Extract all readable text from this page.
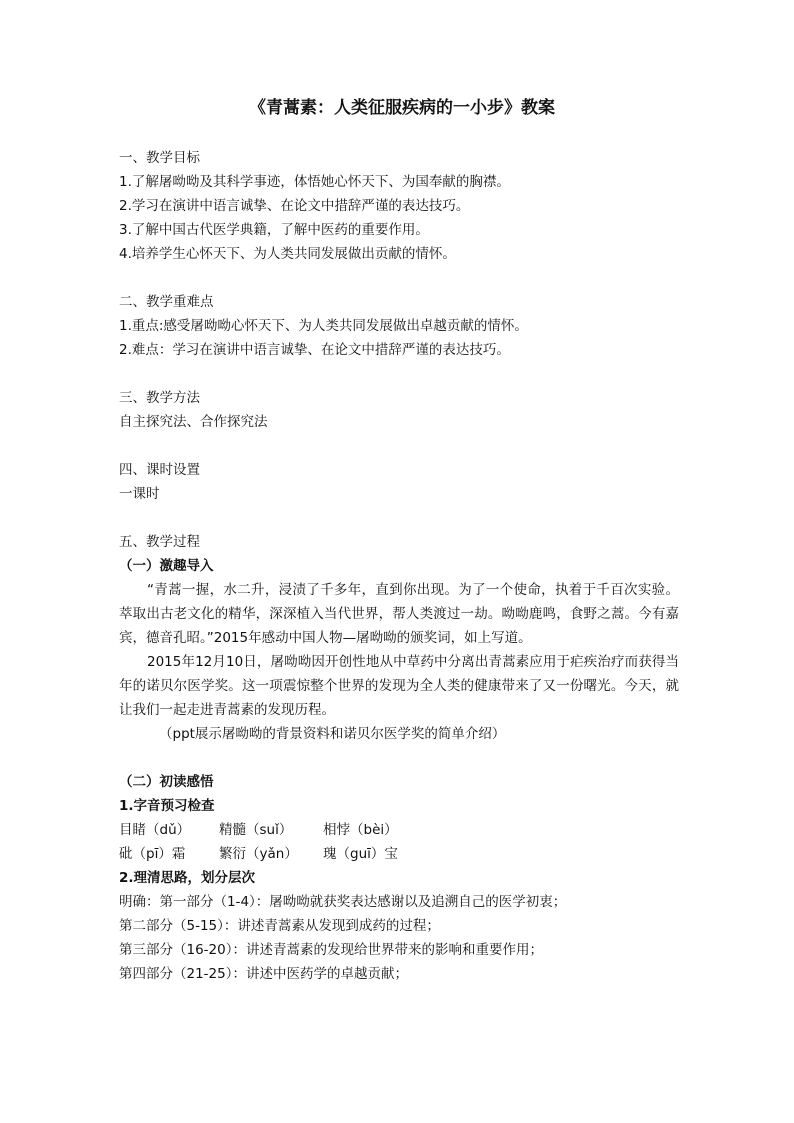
《青蒿素：人类征服疾病的一小步》教案
一、教学目标
1.了解屠呦呦及其科学事迹，体悟她心怀天下、为国奉献的胸襟。
2.学习在演讲中语言诚挚、在论文中措辞严谨的表达技巧。
3.了解中国古代医学典籍，了解中医药的重要作用。
4.培养学生心怀天下、为人类共同发展做出贡献的情怀。
二、教学重难点
1.重点:感受屠呦呦心怀天下、为人类共同发展做出卓越贡献的情怀。
2.难点：学习在演讲中语言诚挚、在论文中措辞严谨的表达技巧。
三、教学方法
自主探究法、合作探究法
四、课时设置
一课时
五、教学过程
（一）激趣导入
“青蒿一握，水二升，浸渍了千多年，直到你出现。为了一个使命，执着于千百次实验。萃取出古老文化的精华，深深植入当代世界，帮人类渡过一劫。呦呦鹿鸣，食野之蒿。今有嘉宾，德音孔昭。”2015年感动中国人物—屠呦呦的颁奖词，如上写道。
2015年12月10日，屠呦呦因开创性地从中草药中分离出青蒿素应用于疟疾治疗而获得当年的诺贝尔医学奖。这一项震惊整个世界的发现为全人类的健康带来了又一份曙光。今天，就让我们一起走进青蒿素的发现历程。
（ppt展示屠呦呦的背景资料和诺贝尔医学奖的简单介绍）
（二）初读感悟
1.字音预习检查
目睹（dǔ） 精髓（suǐ） 相悖（bèi）
砒（pī）霜 繁衍（yǎn） 瑰（guī）宝
2.理清思路，划分层次
明确：第一部分（1-4）：屠呦呦就获奖表达感谢以及追溯自己的医学初衷；
第二部分（5-15）：讲述青蒿素从发现到成药的过程；
第三部分（16-20）：讲述青蒿素的发现给世界带来的影响和重要作用；
第四部分（21-25）：讲述中医药学的卓越贡献；
